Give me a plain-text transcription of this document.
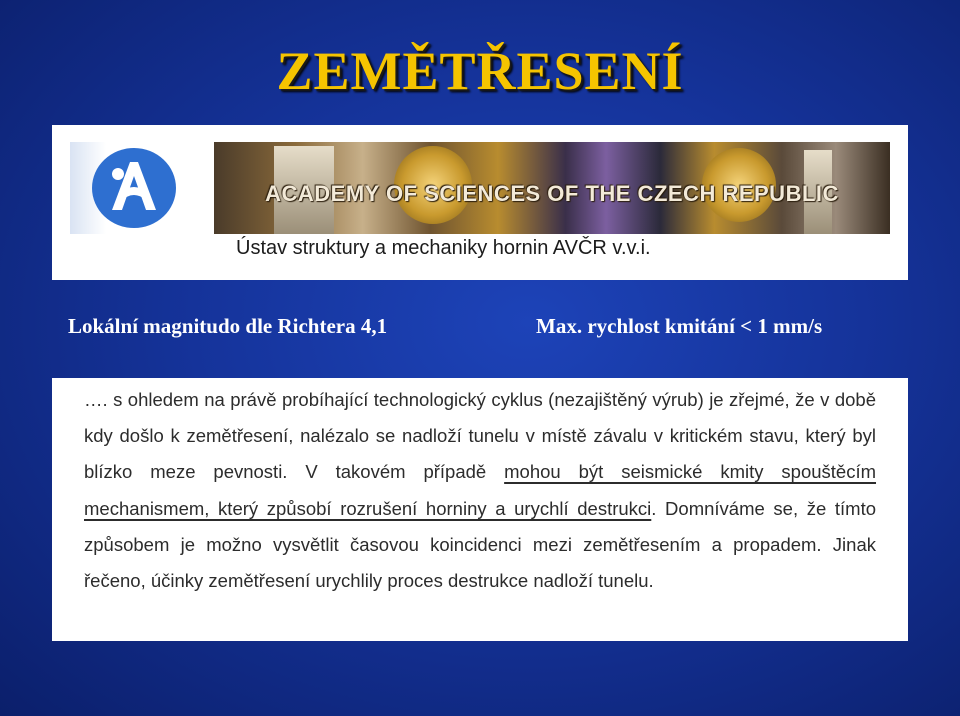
ZEMĚTŘESENÍ
ACADEMY OF SCIENCES OF THE CZECH REPUBLIC
Ústav struktury a mechaniky hornin AVČR v.v.i.
Lokální magnitudo dle Richtera 4,1	Max. rychlost kmitání < 1 mm/s
…. s ohledem na právě probíhající technologický cyklus (nezajištěný výrub) je zřejmé, že v době kdy došlo k zemětřesení, nalézalo se nadloží tunelu v místě závalu v kritickém stavu, který byl blízko meze pevnosti. V takovém případě mohou být seismické kmity spouštěcím mechanismem, který způsobí rozrušení horniny a urychlí destrukci. Domníváme se, že tímto způsobem je možno vysvětlit časovou koincidenci mezi zemětřesením a propadem. Jinak řečeno, účinky zemětřesení urychlily proces destrukce nadloží tunelu.
